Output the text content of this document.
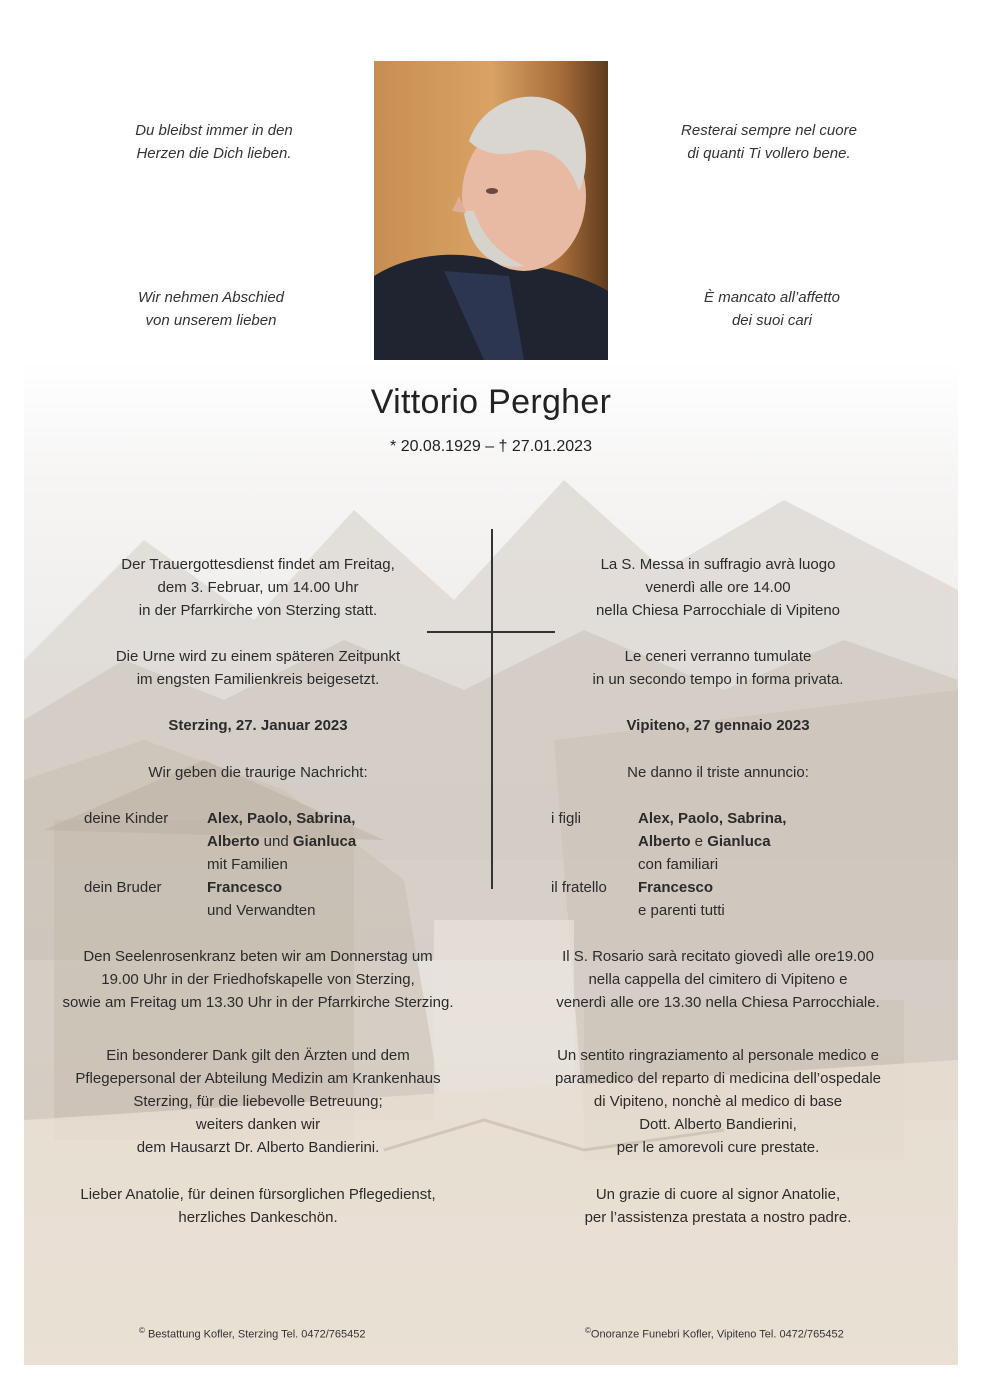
Du bleibst immer in den
Herzen die Dich lieben.
Resterai sempre nel cuore
di quanti Ti vollero bene.
Wir nehmen Abschied
von unserem lieben
È mancato all’affetto
dei suoi cari
Vittorio Pergher
* 20.08.1929 – † 27.01.2023

Der Trauergottesdienst findet am Freitag,

dem 3. Februar, um 14.00 Uhr

in der Pfarrkirche von Sterzing statt.

Die Urne wird zu einem späteren Zeitpunkt

im engsten Familienkreis beigesetzt.

Sterzing, 27. Januar 2023
Wir geben die traurige Nachricht:
deine Kinder	Alex, Paolo, Sabrina,
Alberto und Gianluca
mit Familien
dein Bruder	Francesco
und Verwandten

Den Seelenrosenkranz beten wir am Donnerstag um

19.00 Uhr in der Friedhofskapelle von Sterzing,

sowie am Freitag um 13.30 Uhr in der Pfarrkirche Sterzing.

Ein besonderer Dank gilt den Ärzten und dem

Pflegepersonal der Abteilung Medizin am Krankenhaus

Sterzing, für die liebevolle Betreuung;

weiters danken wir

dem Hausarzt Dr. Alberto Bandierini.

Lieber Anatolie, für deinen fürsorglichen Pflegedienst,

herzliches Dankeschön.

La S. Messa in suffragio avrà luogo

venerdì alle ore 14.00

nella Chiesa Parrocchiale di Vipiteno

Le ceneri verranno tumulate

in un secondo tempo in forma privata.

Vipiteno, 27 gennaio 2023
Ne danno il triste annuncio:
i figli	Alex, Paolo, Sabrina,
Alberto e Gianluca
con familiari
il fratello Francesco
e parenti tutti

Il S. Rosario sarà recitato giovedì alle ore19.00

nella cappella del cimitero di Vipiteno e

venerdì alle ore 13.30 nella Chiesa Parrocchiale.

Un sentito ringraziamento al personale medico e

paramedico del reparto di medicina dell’ospedale

di Vipiteno, nonchè al medico di base

Dott. Alberto Bandierini,

per le amorevoli cure prestate.

Un grazie di cuore al signor Anatolie,

per l’assistenza prestata a nostro padre.

© Bestattung Kofler, Sterzing Tel. 0472/765452	©Onoranze Funebri Kofler, Vipiteno Tel. 0472/765452
